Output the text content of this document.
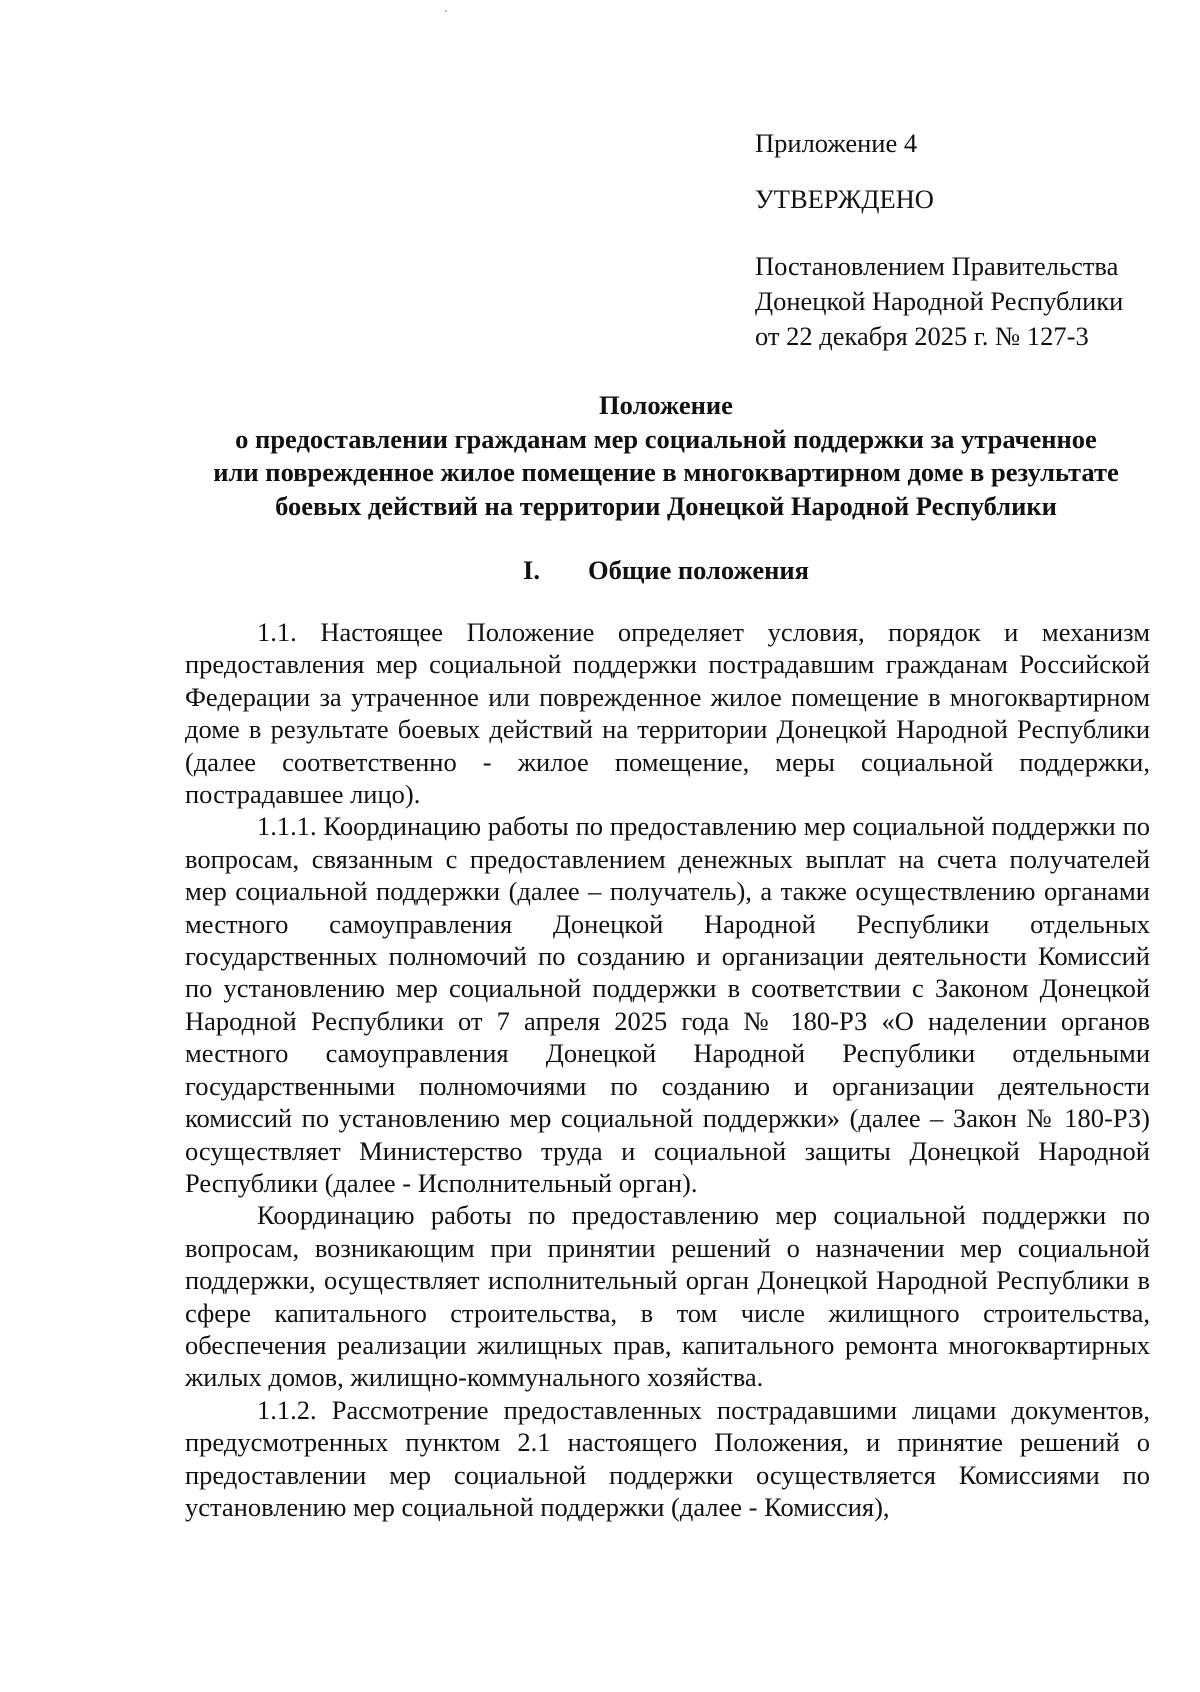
Приложение 4
УТВЕРЖДЕНО
Постановлением Правительства
Донецкой Народной Республики
от 22 декабря 2025 г. № 127-3
Положение
о предоставлении гражданам мер социальной поддержки за утраченное
или поврежденное жилое помещение в многоквартирном доме в результате
боевых действий на территории Донецкой Народной Республики
I. Общие положения

1.1. Настоящее Положение определяет условия, порядок и механизм предоставления мер социальной поддержки пострадавшим гражданам Российской Федерации за утраченное или поврежденное жилое помещение в многоквартирном доме в результате боевых действий на территории Донецкой Народной Республики (далее соответственно - жилое помещение, меры социальной поддержки, пострадавшее лицо).

1.1.1. Координацию работы по предоставлению мер социальной поддержки по вопросам, связанным с предоставлением денежных выплат на счета получателей мер социальной поддержки (далее – получатель), а также осуществлению органами местного самоуправления Донецкой Народной Республики отдельных государственных полномочий по созданию и организации деятельности Комиссий по установлению мер социальной поддержки в соответствии с Законом Донецкой Народной Республики от 7 апреля 2025 года № 180-РЗ «О наделении органов местного самоуправления Донецкой Народной Республики отдельными государственными полномочиями по созданию и организации деятельности комиссий по установлению мер социальной поддержки» (далее – Закон № 180-РЗ) осуществляет Министерство труда и социальной защиты Донецкой Народной Республики (далее - Исполнительный орган).

Координацию работы по предоставлению мер социальной поддержки по вопросам, возникающим при принятии решений о назначении мер социальной поддержки, осуществляет исполнительный орган Донецкой Народной Республики в сфере капитального строительства, в том числе жилищного строительства, обеспечения реализации жилищных прав, капитального ремонта многоквартирных жилых домов, жилищно-коммунального хозяйства.

1.1.2. Рассмотрение предоставленных пострадавшими лицами документов, предусмотренных пунктом 2.1 настоящего Положения, и принятие решений о предоставлении мер социальной поддержки осуществляется Комиссиями по установлению мер социальной поддержки (далее - Комиссия),
